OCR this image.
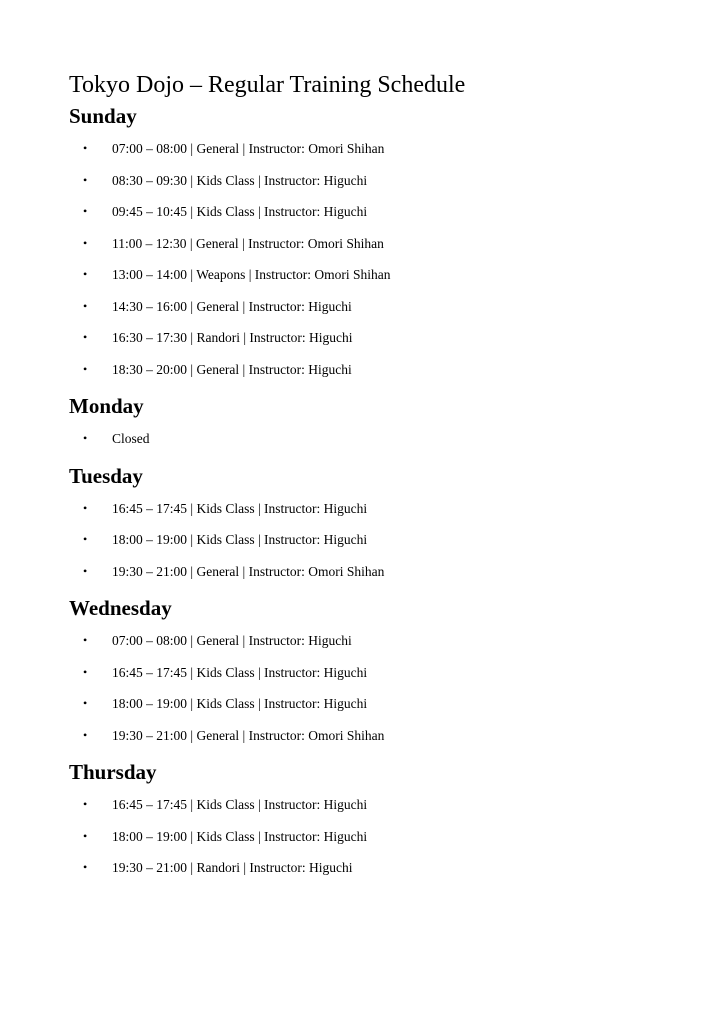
Tokyo Dojo – Regular Training Schedule
Sunday
• 07:00 – 08:00 | General | Instructor: Omori Shihan
• 08:30 – 09:30 | Kids Class | Instructor: Higuchi
• 09:45 – 10:45 | Kids Class | Instructor: Higuchi
• 11:00 – 12:30 | General | Instructor: Omori Shihan
• 13:00 – 14:00 | Weapons | Instructor: Omori Shihan
• 14:30 – 16:00 | General | Instructor: Higuchi
• 16:30 – 17:30 | Randori | Instructor: Higuchi
• 18:30 – 20:00 | General | Instructor: Higuchi
Monday
• Closed
Tuesday
• 16:45 – 17:45 | Kids Class | Instructor: Higuchi
• 18:00 – 19:00 | Kids Class | Instructor: Higuchi
• 19:30 – 21:00 | General | Instructor: Omori Shihan
Wednesday
• 07:00 – 08:00 | General | Instructor: Higuchi
• 16:45 – 17:45 | Kids Class | Instructor: Higuchi
• 18:00 – 19:00 | Kids Class | Instructor: Higuchi
• 19:30 – 21:00 | General | Instructor: Omori Shihan
Thursday
• 16:45 – 17:45 | Kids Class | Instructor: Higuchi
• 18:00 – 19:00 | Kids Class | Instructor: Higuchi
• 19:30 – 21:00 | Randori | Instructor: Higuchi
